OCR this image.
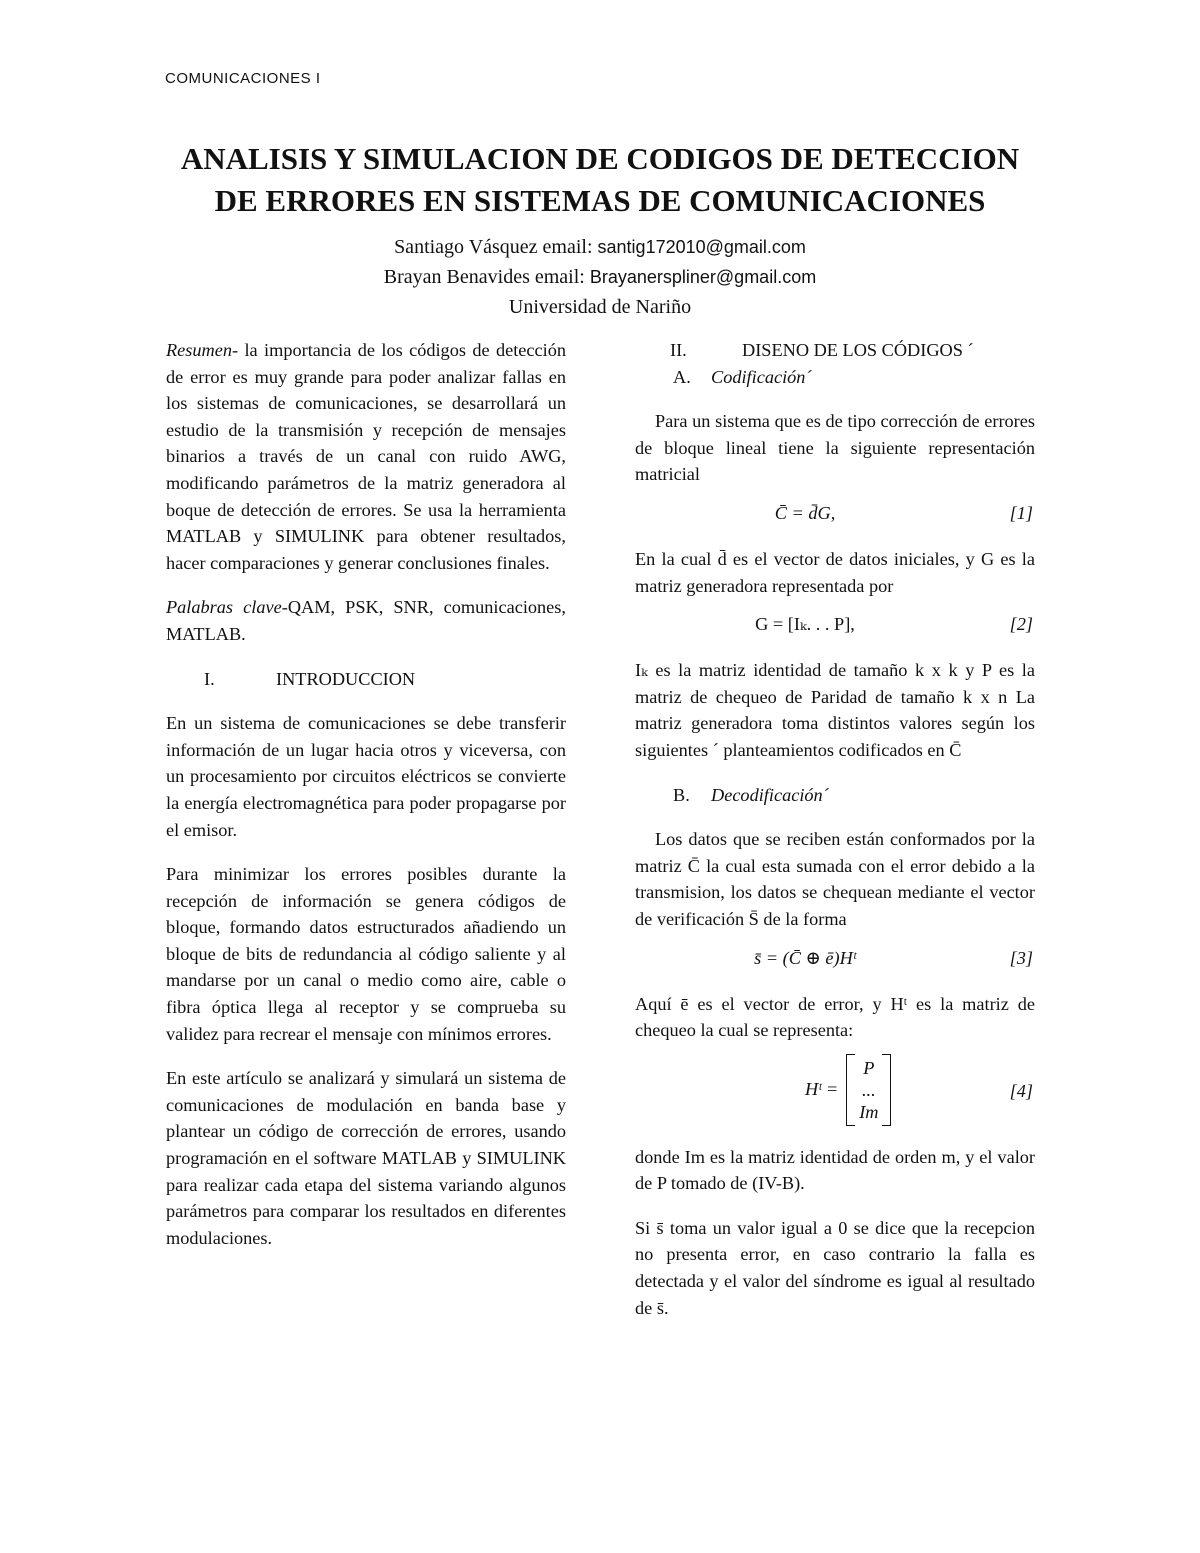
COMUNICACIONES I
ANALISIS Y SIMULACION DE CODIGOS DE DETECCION
DE ERRORES EN SISTEMAS DE COMUNICACIONES
Santiago Vásquez email: santig172010@gmail.com
Brayan Benavides email: Brayanerspliner@gmail.com
Universidad de Nariño

Resumen- la importancia de los códigos de detección de error es muy grande para poder analizar fallas en los sistemas de comunicaciones, se desarrollará un estudio de la transmisión y recepción de mensajes binarios a través de un canal con ruido AWG, modificando parámetros de la matriz generadora al boque de detección de errores. Se usa la herramienta MATLAB y SIMULINK para obtener resultados, hacer comparaciones y generar conclusiones finales.

Palabras clave-QAM, PSK, SNR, comunicaciones, MATLAB.

I.	INTRODUCCION

En un sistema de comunicaciones se debe transferir información de un lugar hacia otros y viceversa, con un procesamiento por circuitos eléctricos se convierte la energía electromagnética para poder propagarse por el emisor.

Para minimizar los errores posibles durante la recepción de información se genera códigos de bloque, formando datos estructurados añadiendo un bloque de bits de redundancia al código saliente y al mandarse por un canal o medio como aire, cable o fibra óptica llega al receptor y se comprueba su validez para recrear el mensaje con mínimos errores.

En este artículo se analizará y simulará un sistema de comunicaciones de modulación en banda base y plantear un código de corrección de errores, usando programación en el software MATLAB y SIMULINK para realizar cada etapa del sistema variando algunos parámetros para comparar los resultados en diferentes modulaciones.

II.	DISENO DE LOS CÓDIGOS ´

A.	Codificación´

Para un sistema que es de tipo corrección de errores de bloque lineal tiene la siguiente representación matricial

C̄ = d̄G,	[1]

En la cual d̄ es el vector de datos iniciales, y G es la matriz generadora representada por

G = [Iₖ. . . P],	[2]

Iₖ es la matriz identidad de tamaño k x k y P es la matriz de chequeo de Paridad de tamaño k x n La matriz generadora toma distintos valores según los siguientes ´ planteamientos codificados en C̄

B.	Decodificación´

Los datos que se reciben están conformados por la matriz C̄ la cual esta sumada con el error debido a la transmision, los datos se chequean mediante el vector de verificación S̄ de la forma

s̄ = (C̄ ⊕ ē)Hᵗ	[3]

Aquí ē es el vector de error, y Hᵗ es la matriz de chequeo la cual se representa:

Hᵗ =
P
...
Im
[4]

donde Im es la matriz identidad de orden m, y el valor de P tomado de (IV-B).

Si s̄ toma un valor igual a 0 se dice que la recepcion no presenta error, en caso contrario la falla es detectada y el valor del síndrome es igual al resultado de s̄.
